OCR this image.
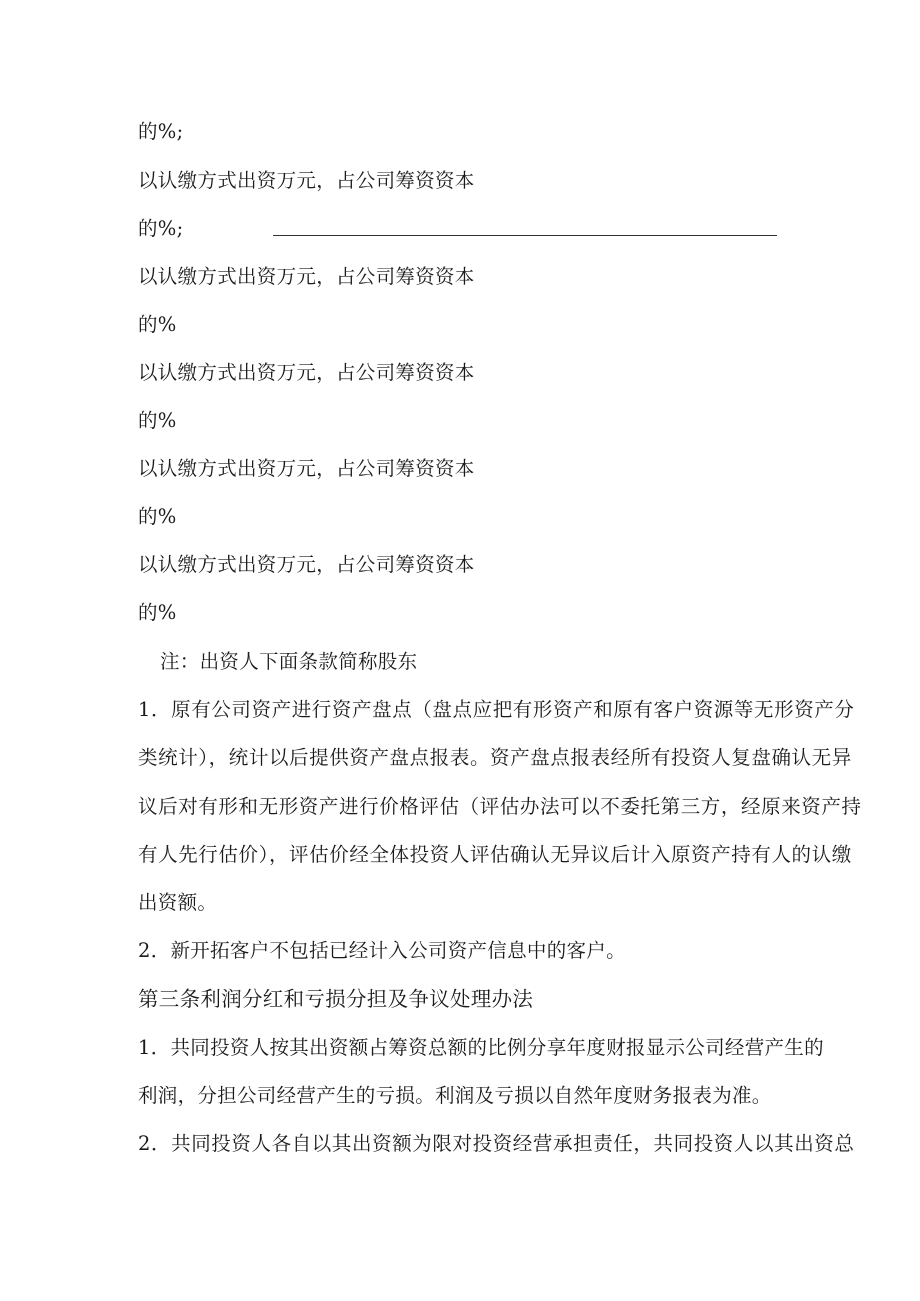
的%;
以认缴方式出资万元，占公司筹资资本
的%;
以认缴方式出资万元，占公司筹资资本
的%
以认缴方式出资万元，占公司筹资资本
的%
以认缴方式出资万元，占公司筹资资本
的%
以认缴方式出资万元，占公司筹资资本
的%
注：出资人下面条款简称股东
1．原有公司资产进行资产盘点（盘点应把有形资产和原有客户资源等无形资产分
类统计），统计以后提供资产盘点报表。资产盘点报表经所有投资人复盘确认无异
议后对有形和无形资产进行价格评估（评估办法可以不委托第三方，经原来资产持
有人先行估价），评估价经全体投资人评估确认无异议后计入原资产持有人的认缴
出资额。
2．新开拓客户不包括已经计入公司资产信息中的客户。
第三条利润分红和亏损分担及争议处理办法
1．共同投资人按其出资额占筹资总额的比例分享年度财报显示公司经营产生的
利润，分担公司经营产生的亏损。利润及亏损以自然年度财务报表为准。
2．共同投资人各自以其出资额为限对投资经营承担责任，共同投资人以其出资总
